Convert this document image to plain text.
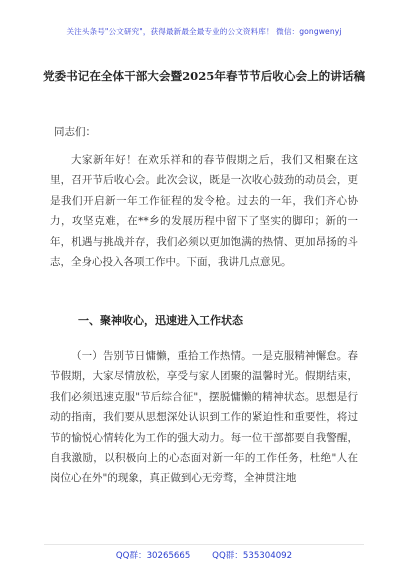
关注头条号"公文研究"，获得最新最全最专业的公文资料库！ 微信：gongwenyj
党委书记在全体干部大会暨2025年春节节后收心会上的讲话稿
同志们：

大家新年好！在欢乐祥和的春节假期之后，我们又相聚在这里，召开节后收心会。此次会议，既是一次收心鼓劲的动员会，更是我们开启新一年工作征程的发令枪。过去的一年，我们齐心协力，攻坚克难，在**乡的发展历程中留下了坚实的脚印；新的一年，机遇与挑战并存，我们必须以更加饱满的热情、更加昂扬的斗志，全身心投入各项工作中。下面，我讲几点意见。

一、聚神收心，迅速进入工作状态

（一）告别节日慵懒，重拾工作热情。一是克服精神懈怠。春节假期，大家尽情放松，享受与家人团聚的温馨时光。假期结束，我们必须迅速克服"节后综合征"，摆脱慵懒的精神状态。思想是行动的指南，我们要从思想深处认识到工作的紧迫性和重要性，将过节的愉悦心情转化为工作的强大动力。每一位干部都要自我警醒，自我激励，以积极向上的心态面对新一年的工作任务，杜绝"人在岗位心在外"的现象，真正做到心无旁骛，全神贯注地

QQ群：30265665        QQ群：535304092
